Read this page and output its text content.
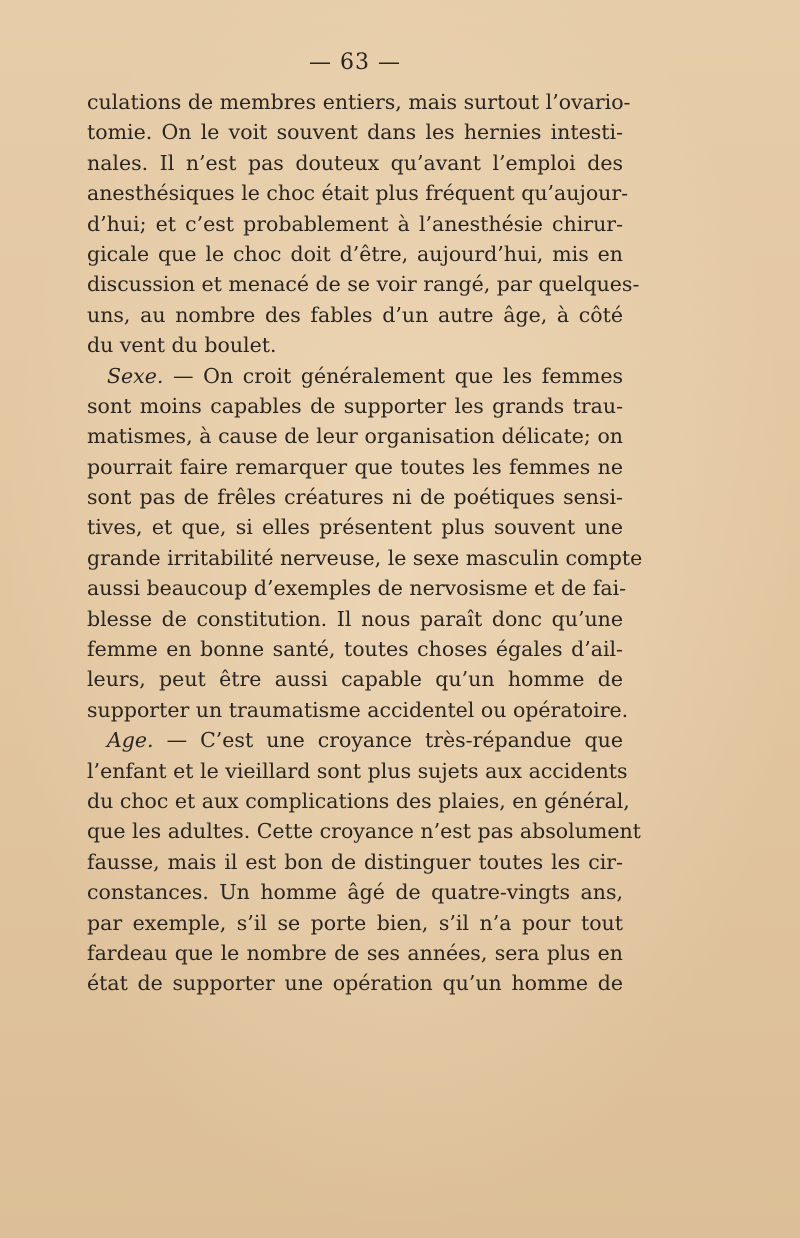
— 63 —
culations de membres entiers, mais surtout l’ovario-
tomie. On le voit souvent dans les hernies intesti-
nales. Il n’est pas douteux qu’avant l’emploi des
anesthésiques le choc était plus fréquent qu’aujour-
d’hui; et c’est probablement à l’anesthésie chirur-
gicale que le choc doit d’être, aujourd’hui, mis en
discussion et menacé de se voir rangé, par quelques-
uns, au nombre des fables d’un autre âge, à côté
du vent du boulet.
Sexe. — On croit généralement que les femmes
sont moins capables de supporter les grands trau-
matismes, à cause de leur organisation délicate; on
pourrait faire remarquer que toutes les femmes ne
sont pas de frêles créatures ni de poétiques sensi-
tives, et que, si elles présentent plus souvent une
grande irritabilité nerveuse, le sexe masculin compte
aussi beaucoup d’exemples de nervosisme et de fai-
blesse de constitution. Il nous paraît donc qu’une
femme en bonne santé, toutes choses égales d’ail-
leurs, peut être aussi capable qu’un homme de
supporter un traumatisme accidentel ou opératoire.
Age. — C’est une croyance très-répandue que
l’enfant et le vieillard sont plus sujets aux accidents
du choc et aux complications des plaies, en général,
que les adultes. Cette croyance n’est pas absolument
fausse, mais il est bon de distinguer toutes les cir-
constances. Un homme âgé de quatre-vingts ans,
par exemple, s’il se porte bien, s’il n’a pour tout
fardeau que le nombre de ses années, sera plus en
état de supporter une opération qu’un homme de
